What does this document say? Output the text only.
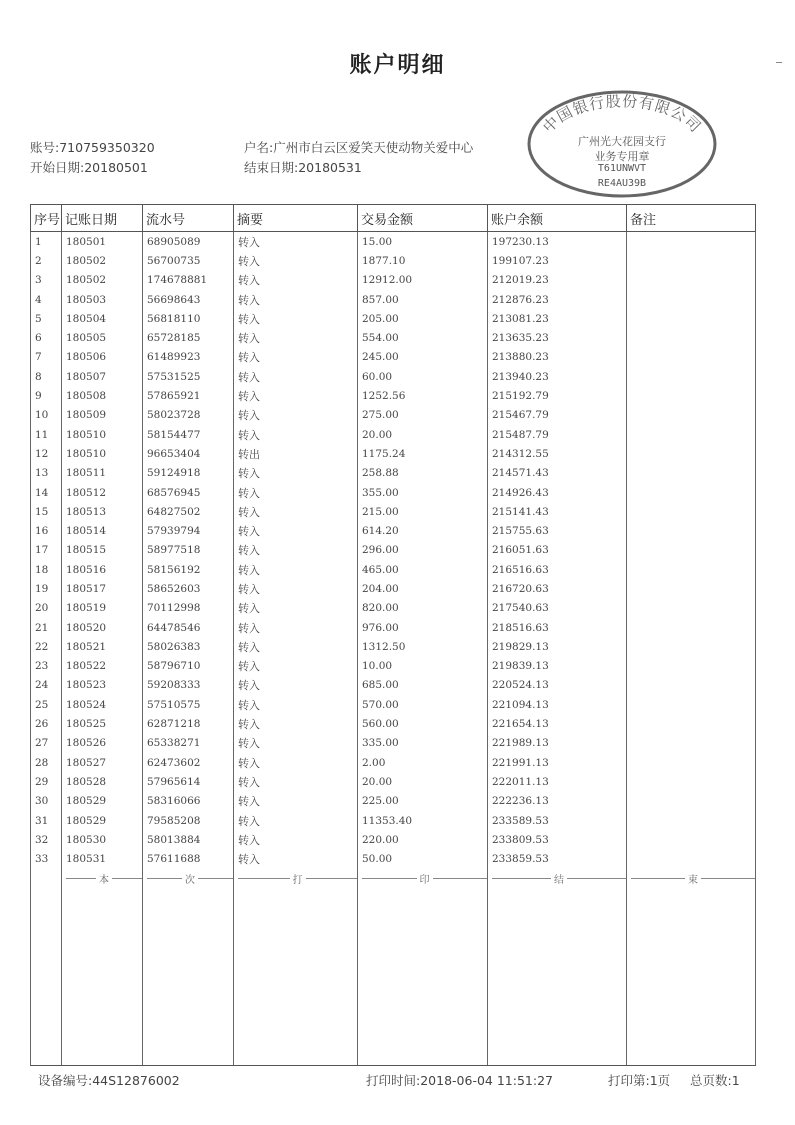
账户明细
账号:710759350320
开始日期:20180501
户名:广州市白云区爱笑天使动物关爱中心
结束日期:20180531
中国银行股份有限公司
广州光大花园支行
业务专用章
T61UNWVT
RE4AU39B
序号	记账日期	流水号	摘要	交易金额	账户余额	备注
1	180501	68905089	转入	15.00	197230.13	
2	180502	56700735	转入	1877.10	199107.23	
3	180502	174678881	转入	12912.00	212019.23	
4	180503	56698643	转入	857.00	212876.23	
5	180504	56818110	转入	205.00	213081.23	
6	180505	65728185	转入	554.00	213635.23	
7	180506	61489923	转入	245.00	213880.23	
8	180507	57531525	转入	60.00	213940.23	
9	180508	57865921	转入	1252.56	215192.79	
10	180509	58023728	转入	275.00	215467.79	
11	180510	58154477	转入	20.00	215487.79	
12	180510	96653404	转出	1175.24	214312.55	
13	180511	59124918	转入	258.88	214571.43	
14	180512	68576945	转入	355.00	214926.43	
15	180513	64827502	转入	215.00	215141.43	
16	180514	57939794	转入	614.20	215755.63	
17	180515	58977518	转入	296.00	216051.63	
18	180516	58156192	转入	465.00	216516.63	
19	180517	58652603	转入	204.00	216720.63	
20	180519	70112998	转入	820.00	217540.63	
21	180520	64478546	转入	976.00	218516.63	
22	180521	58026383	转入	1312.50	219829.13	
23	180522	58796710	转入	10.00	219839.13	
24	180523	59208333	转入	685.00	220524.13	
25	180524	57510575	转入	570.00	221094.13	
26	180525	62871218	转入	560.00	221654.13	
27	180526	65338271	转入	335.00	221989.13	
28	180527	62473602	转入	2.00	221991.13	
29	180528	57965614	转入	20.00	222011.13	
30	180529	58316066	转入	225.00	222236.13	
31	180529	79585208	转入	11353.40	233589.53	
32	180530	58013884	转入	220.00	233809.53	
33	180531	57611688	转入	50.00	233859.53	

	本	次	打	印	结	束

设备编号:44S12876002	打印时间:2018-06-04 11:51:27	打印第:1页 总页数:1
